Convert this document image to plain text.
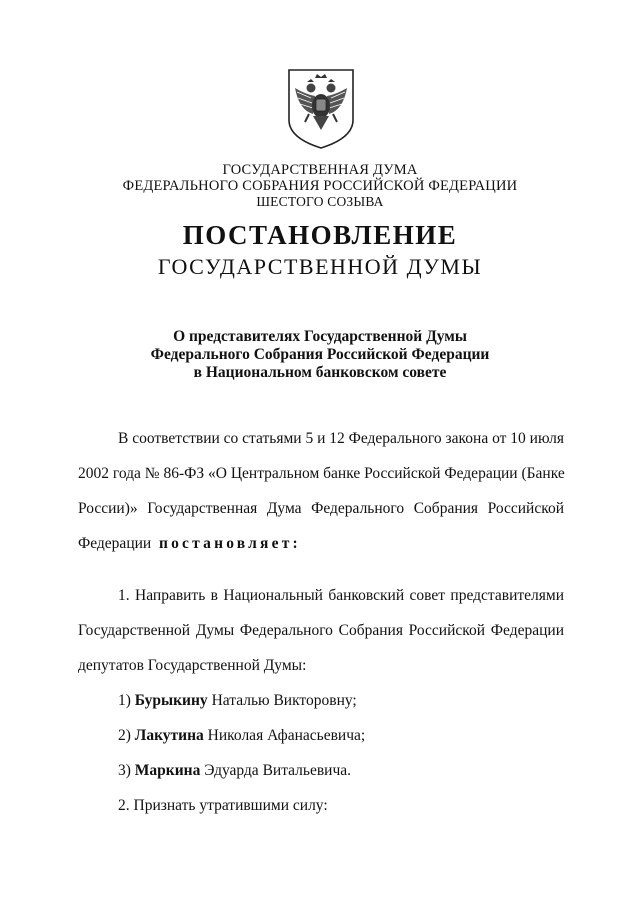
ГОСУДАРСТВЕННАЯ ДУМА
ФЕДЕРАЛЬНОГО СОБРАНИЯ РОССИЙСКОЙ ФЕДЕРАЦИИ
ШЕСТОГО СОЗЫВА
ПОСТАНОВЛЕНИЕ
ГОСУДАРСТВЕННОЙ ДУМЫ
О представителях Государственной Думы
Федерального Собрания Российской Федерации
в Национальном банковском совете
В соответствии со статьями 5 и 12 Федерального закона от 10 июля
2002 года № 86-ФЗ «О Центральном банке Российской Федерации (Банке
России)» Государственная Дума Федерального Собрания Российской
Федерации постановляет:
1. Направить в Национальный банковский совет представителями
Государственной Думы Федерального Собрания Российской Федерации
депутатов Государственной Думы:
1) Бурыкину Наталью Викторовну;
2) Лакутина Николая Афанасьевича;
3) Маркина Эдуарда Витальевича.
2. Признать утратившими силу:
